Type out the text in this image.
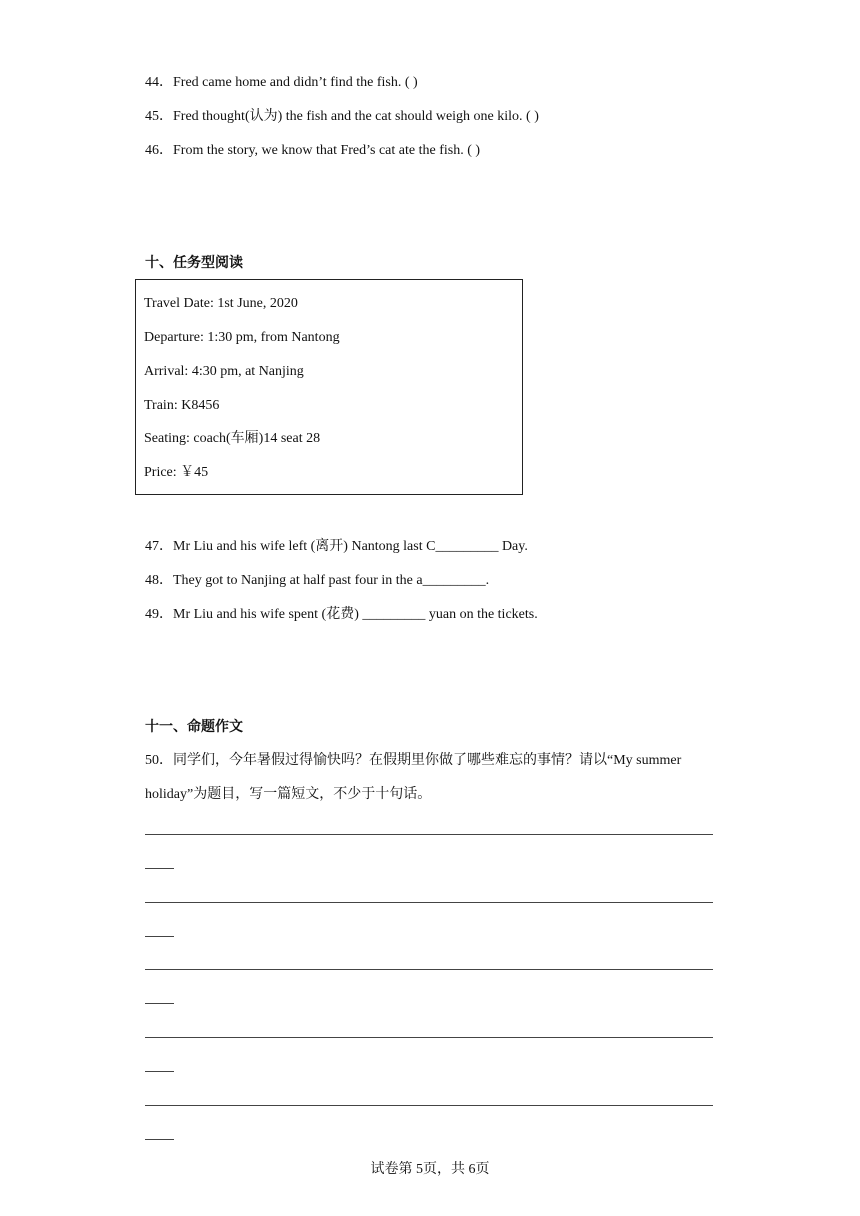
44．Fred came home and didn’t find the fish. ( )
45．Fred thought(认为) the fish and the cat should weigh one kilo. ( )
46．From the story, we know that Fred’s cat ate the fish. ( )
十、任务型阅读
Travel Date: 1st June, 2020
Departure: 1:30 pm, from Nantong
Arrival: 4:30 pm, at Nanjing
Train: K8456
Seating: coach(车厢)14 seat 28
Price: ￥45
47．Mr Liu and his wife left (离开) Nantong last C_________ Day.
48．They got to Nanjing at half past four in the a_________.
49．Mr Liu and his wife spent (花费) _________ yuan on the tickets.
十一、命题作文
50．同学们，今年暑假过得愉快吗？在假期里你做了哪些难忘的事情？请以“My summer
holiday”为题目，写一篇短文，不少于十句话。
试卷第 5页，共 6页
